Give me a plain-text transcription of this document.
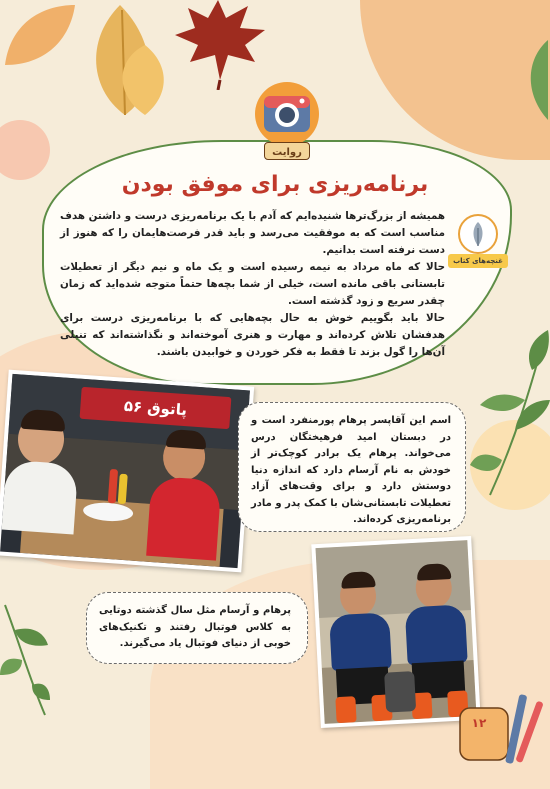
روایت
برنامه‌ریزی برای موفق بودن
غنچه‌های کتاب

همیشه از بزرگ‌ترها شنیده‌ایم که آدم با یک برنامه‌ریزی درست و داشتن هدف مناسب است که به موفقیت می‌رسد و باید قدر فرصت‌هایمان را که هنوز از دست نرفته است بدانیم.

حالا که ماه مرداد به نیمه رسیده است و یک ماه و نیم دیگر از تعطیلات تابستانی باقی مانده است، خیلی از شما بچه‌ها حتماً متوجه شده‌اید که زمان چقدر سریع و زود گذشته است.

حالا باید بگوییم خوش به حال بچه‌هایی که با برنامه‌ریزی درست برای هدفشان تلاش کرده‌اند و مهارت و هنری آموخته‌اند و نگذاشته‌اند که تنبلی آن‌ها را گول بزند تا فقط به فکر خوردن و خوابیدن باشند.

پاتوق ۵۶
اسم این آقاپسر پرهام پورمنفرد است و در دبستان امید فرهیختگان درس می‌خواند. پرهام یک برادر کوچک‌تر از خودش به نام آرسام دارد که اندازه دنیا دوستش دارد و برای وقت‌های آزاد تعطیلات تابستانی‌شان با کمک پدر و مادر برنامه‌ریزی کرده‌اند.
پرهام و آرسام مثل سال گذشته دوتایی به کلاس فوتبال رفتند و تکنیک‌های خوبی از دنیای فوتبال یاد می‌گیرند.
۱۲
